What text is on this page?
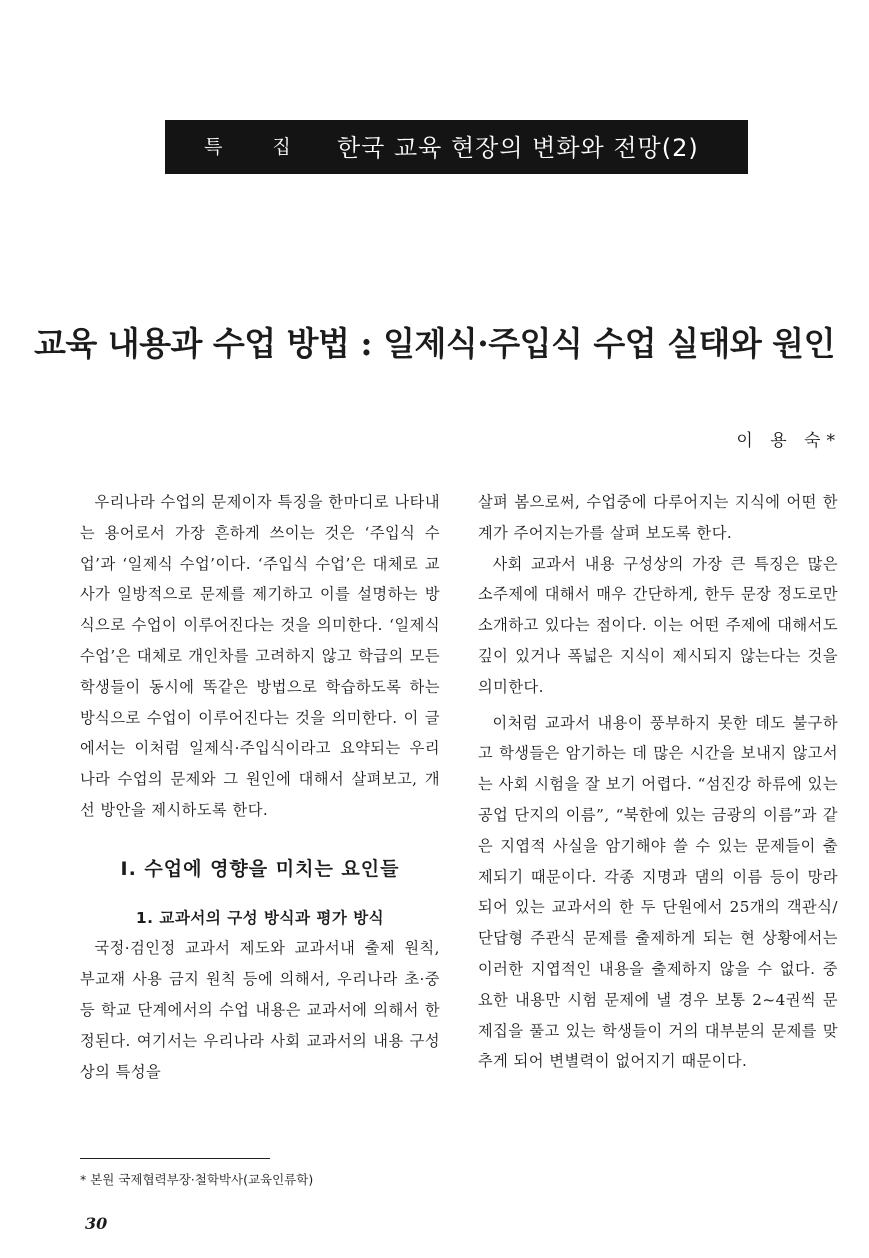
특 집 한국 교육 현장의 변화와 전망(2)
교육 내용과 수업 방법 : 일제식·주입식 수업 실태와 원인
이 용 숙*

우리나라 수업의 문제이자 특징을 한마디로 나타내는 용어로서 가장 흔하게 쓰이는 것은 ‘주입식 수업’과 ‘일제식 수업’이다. ‘주입식 수업’은 대체로 교사가 일방적으로 문제를 제기하고 이를 설명하는 방식으로 수업이 이루어진다는 것을 의미한다. ‘일제식 수업’은 대체로 개인차를 고려하지 않고 학급의 모든 학생들이 동시에 똑같은 방법으로 학습하도록 하는 방식으로 수업이 이루어진다는 것을 의미한다. 이 글에서는 이처럼 일제식·주입식이라고 요약되는 우리나라 수업의 문제와 그 원인에 대해서 살펴보고, 개선 방안을 제시하도록 한다.

Ⅰ. 수업에 영향을 미치는 요인들
1. 교과서의 구성 방식과 평가 방식

국정·검인정 교과서 제도와 교과서내 출제 원칙, 부교재 사용 금지 원칙 등에 의해서, 우리나라 초·중등 학교 단계에서의 수업 내용은 교과서에 의해서 한정된다. 여기서는 우리나라 사회 교과서의 내용 구성상의 특성을

살펴 봄으로써, 수업중에 다루어지는 지식에 어떤 한계가 주어지는가를 살펴 보도록 한다.

사회 교과서 내용 구성상의 가장 큰 특징은 많은 소주제에 대해서 매우 간단하게, 한두 문장 정도로만 소개하고 있다는 점이다. 이는 어떤 주제에 대해서도 깊이 있거나 폭넓은 지식이 제시되지 않는다는 것을 의미한다.

이처럼 교과서 내용이 풍부하지 못한 데도 불구하고 학생들은 암기하는 데 많은 시간을 보내지 않고서는 사회 시험을 잘 보기 어렵다. “섬진강 하류에 있는 공업 단지의 이름”, “북한에 있는 금광의 이름”과 같은 지엽적 사실을 암기해야 쓸 수 있는 문제들이 출제되기 때문이다. 각종 지명과 댐의 이름 등이 망라되어 있는 교과서의 한 두 단원에서 25개의 객관식/단답형 주관식 문제를 출제하게 되는 현 상황에서는 이러한 지엽적인 내용을 출제하지 않을 수 없다. 중요한 내용만 시험 문제에 낼 경우 보통 2~4권씩 문제집을 풀고 있는 학생들이 거의 대부분의 문제를 맞추게 되어 변별력이 없어지기 때문이다.

* 본원 국제협력부장·철학박사(교육인류학)
30
